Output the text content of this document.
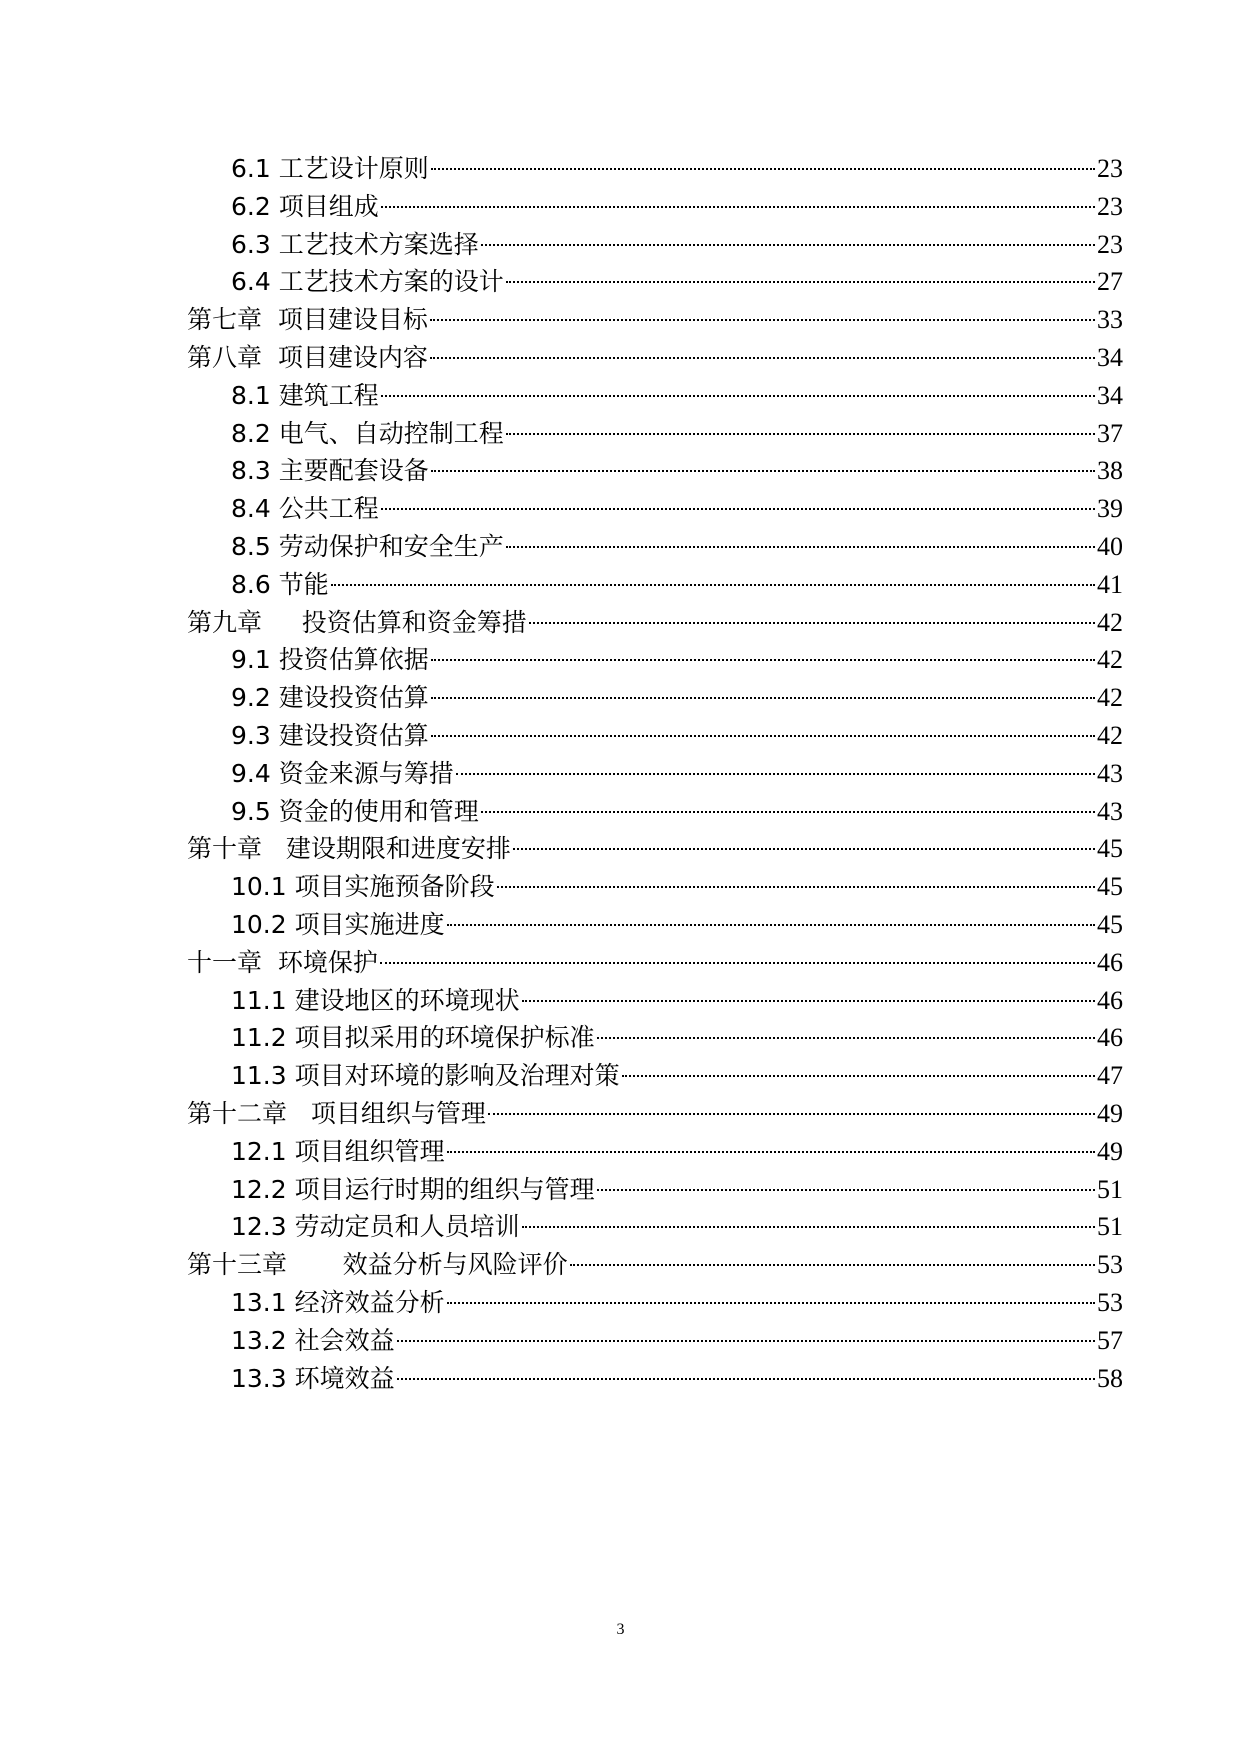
6.1 工艺设计原则	23
6.2 项目组成	23
6.3 工艺技术方案选择	23
6.4 工艺技术方案的设计	27
第七章  项目建设目标	33
第八章  项目建设内容	34
8.1 建筑工程	34
8.2 电气、自动控制工程	37
8.3 主要配套设备	38
8.4 公共工程	39
8.5 劳动保护和安全生产	40
8.6 节能	41
第九章     投资估算和资金筹措	42
9.1 投资估算依据	42
9.2 建设投资估算	42
9.3 建设投资估算	42
9.4 资金来源与筹措	43
9.5 资金的使用和管理	43
第十章   建设期限和进度安排	45
10.1 项目实施预备阶段	45
10.2 项目实施进度	45
十一章  环境保护	46
11.1 建设地区的环境现状	46
11.2 项目拟采用的环境保护标准	46
11.3 项目对环境的影响及治理对策	47
第十二章   项目组织与管理	49
12.1 项目组织管理	49
12.2 项目运行时期的组织与管理	51
12.3 劳动定员和人员培训	51
第十三章       效益分析与风险评价	53
13.1 经济效益分析	53
13.2 社会效益	57
13.3 环境效益	58
3
